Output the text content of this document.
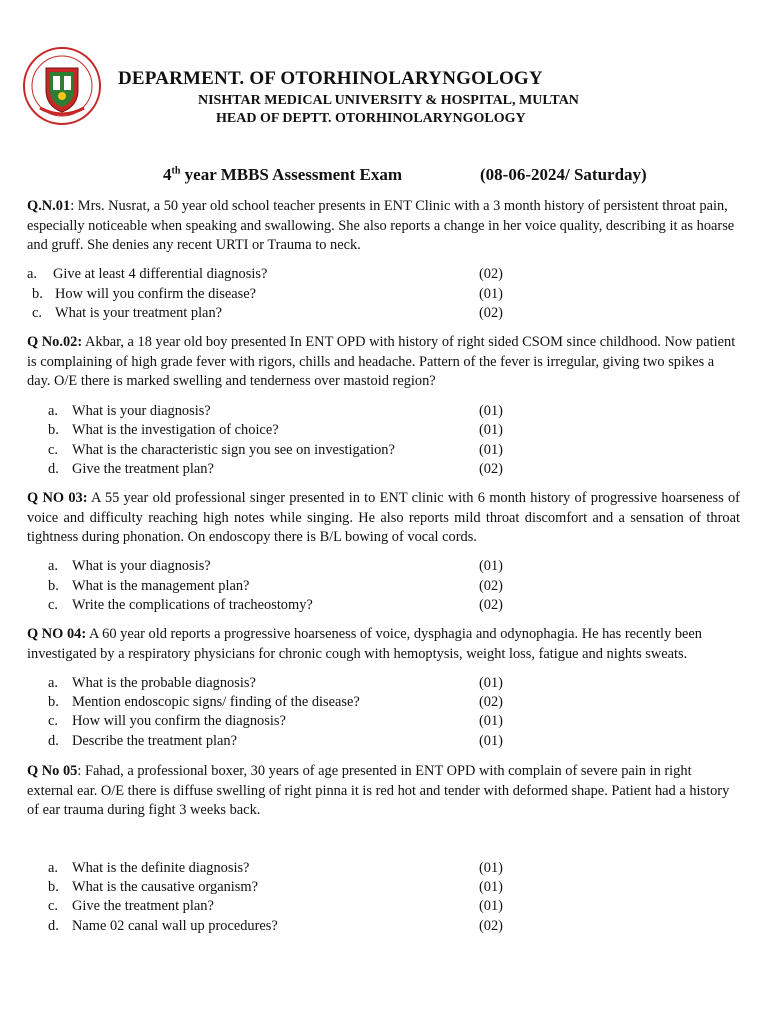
DEPARMENT. OF OTORHINOLARYNGOLOGY
NISHTAR MEDICAL UNIVERSITY & HOSPITAL, MULTAN
HEAD OF DEPTT. OTORHINOLARYNGOLOGY
4th year MBBS Assessment Exam	(08-06-2024/ Saturday)

Q.N.01: Mrs. Nusrat, a 50 year old school teacher presents in ENT Clinic with a 3 month history of persistent throat pain, especially noticeable when speaking and swallowing. She also reports a change in her voice quality, describing it as hoarse and gruff. She denies any recent URTI or Trauma to neck.

a. Give at least 4 differential diagnosis?	(02)
b. How will you confirm the disease?	(01)
c. What is your treatment plan?	(02)

Q No.02: Akbar, a 18 year old boy presented In ENT OPD with history of right sided CSOM since childhood. Now patient is complaining of high grade fever with rigors, chills and headache. Pattern of the fever is irregular, giving two spikes a day. O/E there is marked swelling and tenderness over mastoid region?

a. What is your diagnosis?	(01)
b. What is the investigation of choice?	(01)
c. What is the characteristic sign you see on investigation?	(01)
d. Give the treatment plan?	(02)

Q NO 03: A 55 year old professional singer presented in to ENT clinic with 6 month history of progressive hoarseness of voice and difficulty reaching high notes while singing. He also reports mild throat discomfort and a sensation of throat tightness during phonation. On endoscopy there is B/L bowing of vocal cords.

a. What is your diagnosis?	(01)
b. What is the management plan?	(02)
c. Write the complications of tracheostomy?	(02)

Q NO 04: A 60 year old reports a progressive hoarseness of voice, dysphagia and odynophagia. He has recently been investigated by a respiratory physicians for chronic cough with hemoptysis, weight loss, fatigue and nights sweats.

a. What is the probable diagnosis?	(01)
b. Mention endoscopic signs/ finding of the disease?	(02)
c. How will you confirm the diagnosis?	(01)
d. Describe the treatment plan?	(01)

Q No 05: Fahad, a professional boxer, 30 years of age presented in ENT OPD with complain of severe pain in right external ear. O/E there is diffuse swelling of right pinna it is red hot and tender with deformed shape. Patient had a history of ear trauma during fight 3 weeks back.

a. What is the definite diagnosis?	(01)
b. What is the causative organism?	(01)
c. Give the treatment plan?	(01)
d. Name 02 canal wall up procedures?	(02)
